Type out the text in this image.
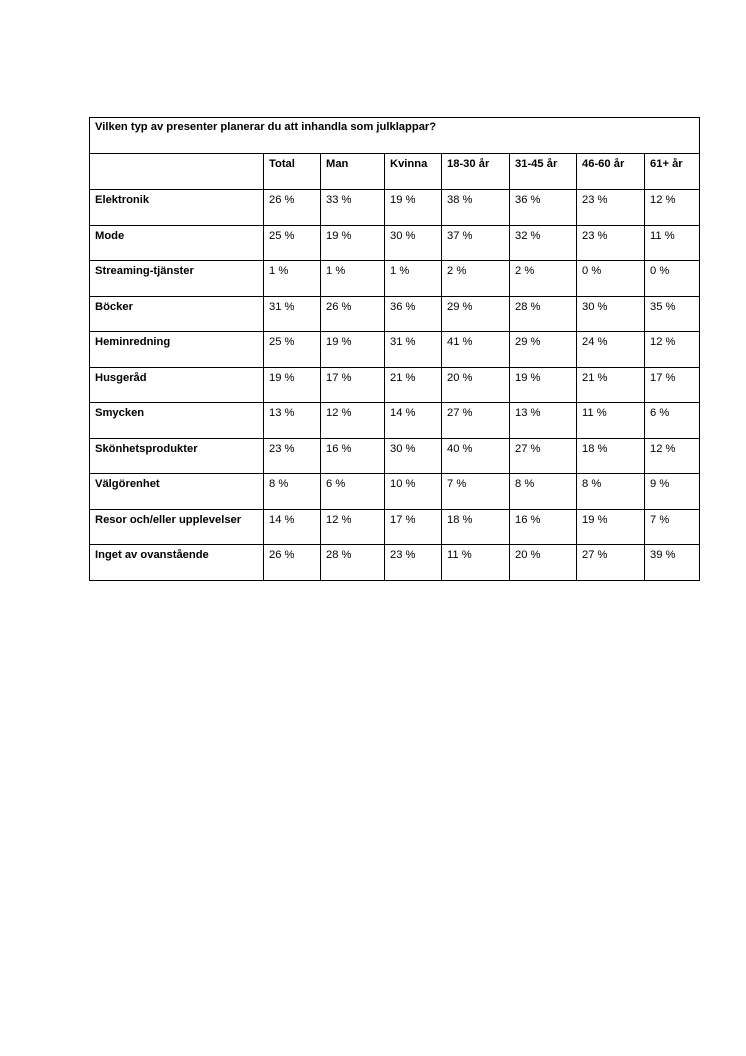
Vilken typ av presenter planerar du att inhandla som julklappar?							
	Total	Man	Kvinna	18-30 år	31-45 år	46-60 år	61+ år
Elektronik	26 %	33 %	19 %	38 %	36 %	23 %	12 %
Mode	25 %	19 %	30 %	37 %	32 %	23 %	11 %
Streaming-tjänster	1 %	1 %	1 %	2 %	2 %	0 %	0 %
Böcker	31 %	26 %	36 %	29 %	28 %	30 %	35 %
Heminredning	25 %	19 %	31 %	41 %	29 %	24 %	12 %
Husgeråd	19 %	17 %	21 %	20 %	19 %	21 %	17 %
Smycken	13 %	12 %	14 %	27 %	13 %	11 %	6 %
Skönhetsprodukter	23 %	16 %	30 %	40 %	27 %	18 %	12 %
Välgörenhet	8 %	6 %	10 %	7 %	8 %	8 %	9 %
Resor och/eller upplevelser	14 %	12 %	17 %	18 %	16 %	19 %	7 %
Inget av ovanstående	26 %	28 %	23 %	11 %	20 %	27 %	39 %
